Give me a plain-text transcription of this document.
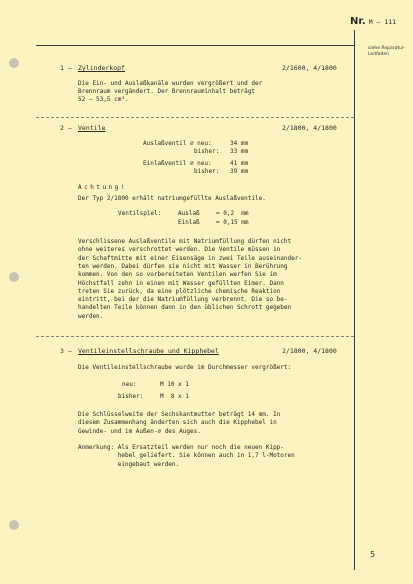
Nr. M – 111
siehe Reparatur-Leitfaden
1 – Zylinderkopf	2/1600, 4/1800
Die Ein- und Auslaßkanäle wurden vergrößert und der
Brennraum vergändert. Der Brennrauminhalt beträgt
52 – 53,5 cm³.
2 – Ventile	2/1800, 4/1800
Auslaßventil ∅ neu:	34 mm
bisher: 33 mm
Einlaßventil ∅ neu:	41 mm
bisher: 39 mm
Achtung!
Der Typ 2/1800 erhält natriumgefüllte Auslaßventile.
Ventilspiel:	Auslaß	= 0,2  mm
Einlaß	= 0,15 mm
Verschlissene Auslaßventile mit Natriumfüllung dürfen nicht
ohne weiteres verschrottet werden. Die Ventile müssen in
der Schaftmitte mit einer Eisensäge in zwei Teile auseinander-
ten werden. Dabei dürfen sie nicht mit Wasser in Berührung
kommen. Von den so vorbereiteten Ventilen werfen Sie im
Höchstfall zehn in einen mit Wasser gefüllten Eimer. Dann
treten Sie zurück, da eine plötzliche chemische Reaktion
eintritt, bei der die Natriumfüllung verbrennt. Die so be-
handelten Teile können dann in den üblichen Schrott gegeben
werden.
3 – Ventileinstellschraube und Kipphebel	2/1800, 4/1800
Die Ventileinstellschraube wurde im Durchmesser vergrößert:
neu:	M 10 x 1
bisher:	M  8 x 1
Die Schlüsselweite der Sechskantmutter beträgt 14 mm. In
diesem Zusammenhang änderten sich auch die Kipphebel in
Gewinde- und im Außen-∅ des Auges.
Anmerkung: Als Ersatzteil werden nur noch die neuen Kipp-
hebel geliefert. Sie können auch in 1,7 l-Motoren
eingebaut werden.
5
